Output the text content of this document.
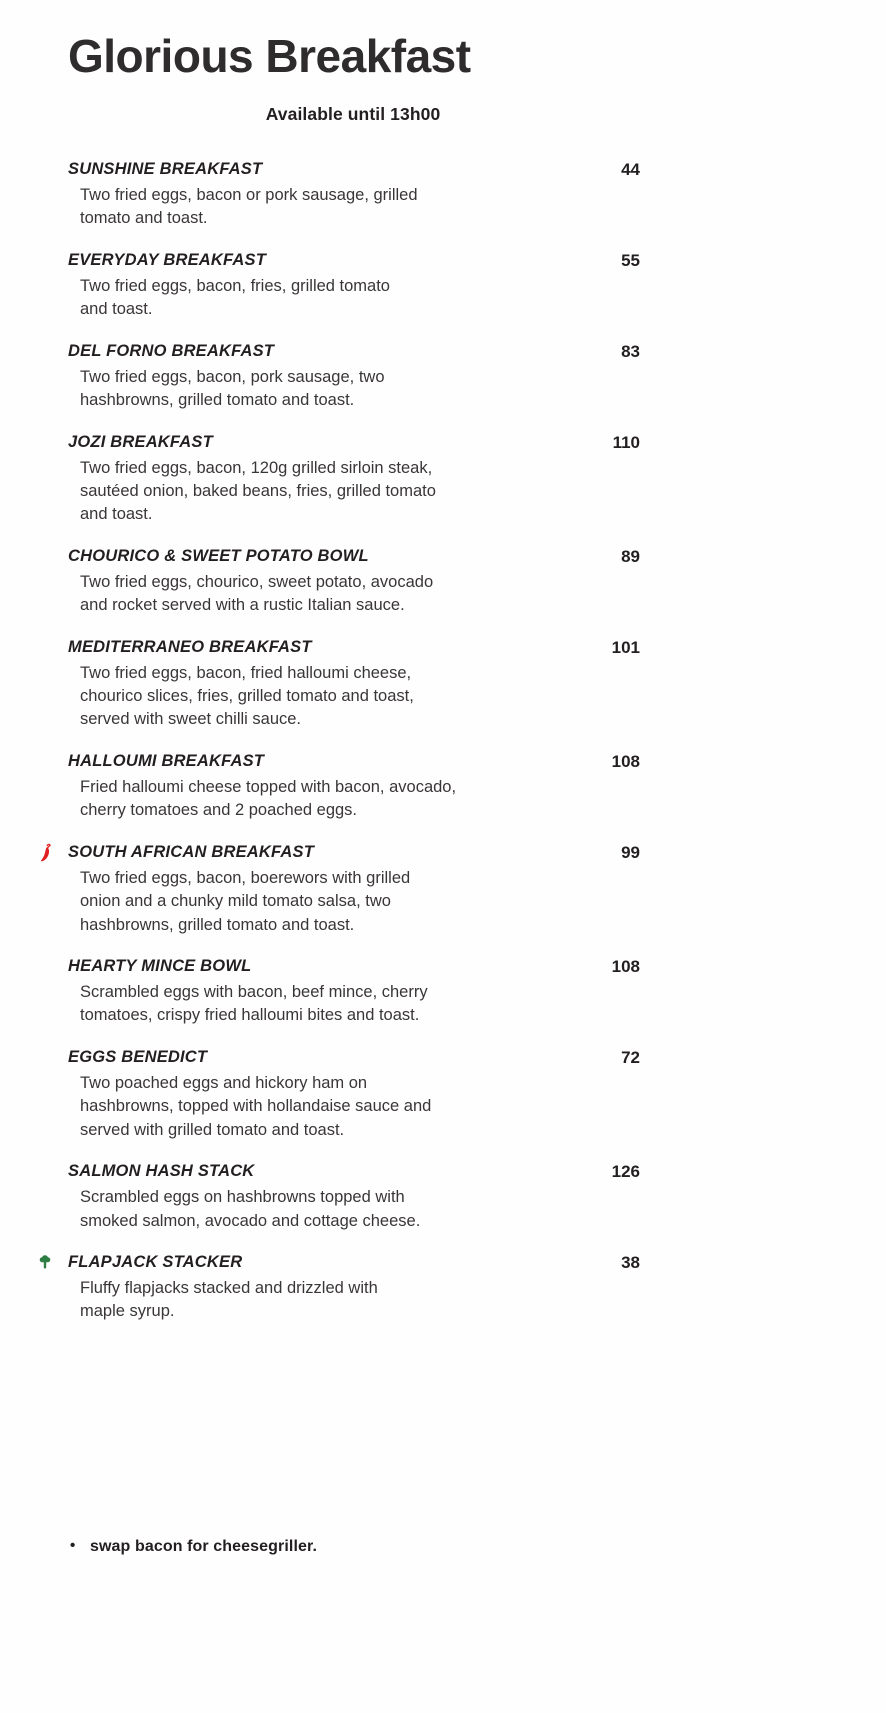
Glorious Breakfast
Available until 13h00
SUNSHINE BREAKFAST	44
Two fried eggs, bacon or pork sausage, grilled
tomato and toast.
EVERYDAY BREAKFAST	55
Two fried eggs, bacon, fries, grilled tomato
and toast.
DEL FORNO BREAKFAST	83
Two fried eggs, bacon, pork sausage, two
hashbrowns, grilled tomato and toast.
JOZI BREAKFAST	110
Two fried eggs, bacon, 120g grilled sirloin steak,
sautéed onion, baked beans, fries, grilled tomato
and toast.
CHOURICO & SWEET POTATO BOWL	89
Two fried eggs, chourico, sweet potato, avocado
and rocket served with a rustic Italian sauce.
MEDITERRANEO BREAKFAST	101
Two fried eggs, bacon, fried halloumi cheese,
chourico slices, fries, grilled tomato and toast,
served with sweet chilli sauce.
HALLOUMI BREAKFAST	108
Fried halloumi cheese topped with bacon, avocado,
cherry tomatoes and 2 poached eggs.
SOUTH AFRICAN BREAKFAST	99
Two fried eggs, bacon, boerewors with grilled
onion and a chunky mild tomato salsa, two
hashbrowns, grilled tomato and toast.
HEARTY MINCE BOWL	108
Scrambled eggs with bacon, beef mince, cherry
tomatoes, crispy fried halloumi bites and toast.
EGGS BENEDICT	72
Two poached eggs and hickory ham on
hashbrowns, topped with hollandaise sauce and
served with grilled tomato and toast.
SALMON HASH STACK	126
Scrambled eggs on hashbrowns topped with
smoked salmon, avocado and cottage cheese.
FLAPJACK STACKER	38
Fluffy flapjacks stacked and drizzled with
maple syrup.
• swap bacon for cheesegriller.
